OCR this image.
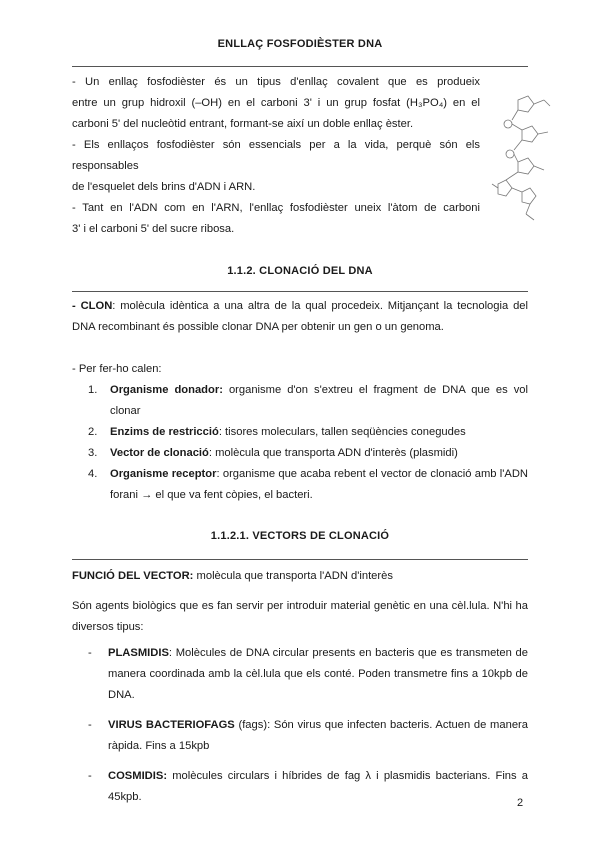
ENLLAÇ FOSFODIÈSTER DNA
- Un enllaç fosfodièster és un tipus d'enllaç covalent que es produeix
entre un grup hidroxil (–OH) en el carboni 3' i un grup fosfat (H₃PO₄) en el
carboni 5' del nucleòtid entrant, formant-se així un doble enllaç èster.
- Els enllaços fosfodièster són essencials per a la vida, perquè són els
responsables
de l'esquelet dels brins d'ADN i ARN.
- Tant en l'ADN com en l'ARN, l'enllaç fosfodièster uneix l'àtom de carboni
3' i el carboni 5' del sucre ribosa.
1.1.2. CLONACIÓ DEL DNA
- CLON: molècula idèntica a una altra de la qual procedeix. Mitjançant la tecnologia del DNA recombinant és possible clonar DNA per obtenir un gen o un genoma.
- Per fer-ho calen:
1. Organisme donador: organisme d'on s'extreu el fragment de DNA que es vol clonar
2. Enzims de restricció: tisores moleculars, tallen seqüències conegudes
3. Vector de clonació: molècula que transporta ADN d'interès (plasmidi)
4. Organisme receptor: organisme que acaba rebent el vector de clonació amb l'ADN forani → el que va fent còpies, el bacteri.
1.1.2.1. VECTORS DE CLONACIÓ
FUNCIÓ DEL VECTOR: molècula que transporta l'ADN d'interès
Són agents biològics que es fan servir per introduir material genètic en una cèl.lula. N'hi ha diversos tipus:
- PLASMIDIS: Molècules de DNA circular presents en bacteris que es transmeten de manera coordinada amb la cèl.lula que els conté. Poden transmetre fins a 10kpb de DNA.
- VIRUS BACTERIOFAGS (fags): Són virus que infecten bacteris. Actuen de manera ràpida. Fins a 15kpb
- COSMIDIS: molècules circulars i híbrides de fag λ i plasmidis bacterians. Fins a 45kpb.	2
